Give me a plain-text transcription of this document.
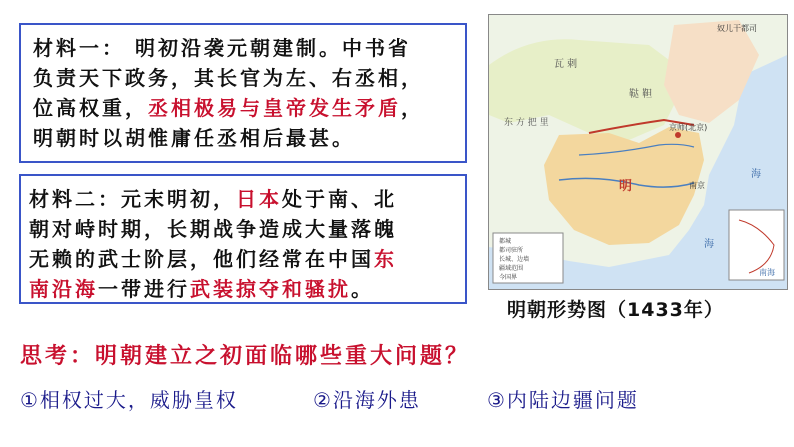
材料一： 明初沿袭元朝建制。中书省
负责天下政务，其长官为左、右丞相，
位高权重，丞相极易与皇帝发生矛盾，
明朝时以胡惟庸任丞相后最甚。
材料二：元末明初，日本处于南、北
朝对峙时期，长期战争造成大量落魄
无赖的武士阶层，他们经常在中国东
南沿海一带进行武装掠夺和骚扰。
瓦 剌
鞑 靼
东 方 把 里
明
京师(北京)
南京
奴儿干都司
海
海
南海
都城
都司驻所
长城、边墙
疆域范围
今国界
明朝形势图（1433年）
思考：明朝建立之初面临哪些重大问题？
①相权过大，威胁皇权	②沿海外患	③内陆边疆问题
